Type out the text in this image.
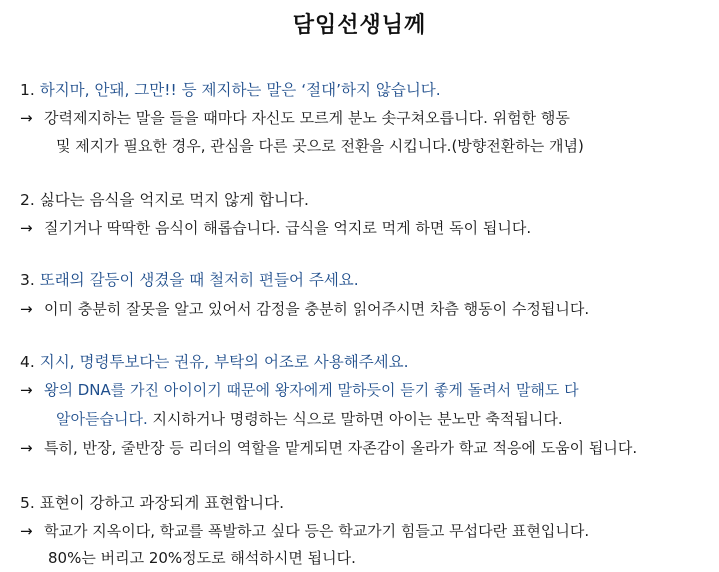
담임선생님께
1. 하지마, 안돼, 그만!! 등 제지하는 말은 ‘절대’하지 않습니다.
→ 강력제지하는 말을 들을 때마다 자신도 모르게 분노 솟구쳐오릅니다. 위험한 행동
및 제지가 필요한 경우, 관심을 다른 곳으로 전환을 시킵니다.(방향전환하는 개념)
2. 싫다는 음식을 억지로 먹지 않게 합니다.
→ 질기거나 딱딱한 음식이 해롭습니다. 급식을 억지로 먹게 하면 독이 됩니다.
3. 또래의 갈등이 생겼을 때 철저히 편들어 주세요.
→ 이미 충분히 잘못을 알고 있어서 감정을 충분히 읽어주시면 차츰 행동이 수정됩니다.
4. 지시, 명령투보다는 권유, 부탁의 어조로 사용해주세요.
→ 왕의 DNA를 가진 아이이기 때문에 왕자에게 말하듯이 듣기 좋게 돌려서 말해도 다
알아듣습니다. 지시하거나 명령하는 식으로 말하면 아이는 분노만 축적됩니다.
→ 특히, 반장, 줄반장 등 리더의 역할을 맡게되면 자존감이 올라가 학교 적응에 도움이 됩니다.
5. 표현이 강하고 과장되게 표현합니다.
→ 학교가 지옥이다, 학교를 폭발하고 싶다 등은 학교가기 힘들고 무섭다란 표현입니다.
80%는 버리고 20%정도로 해석하시면 됩니다.
